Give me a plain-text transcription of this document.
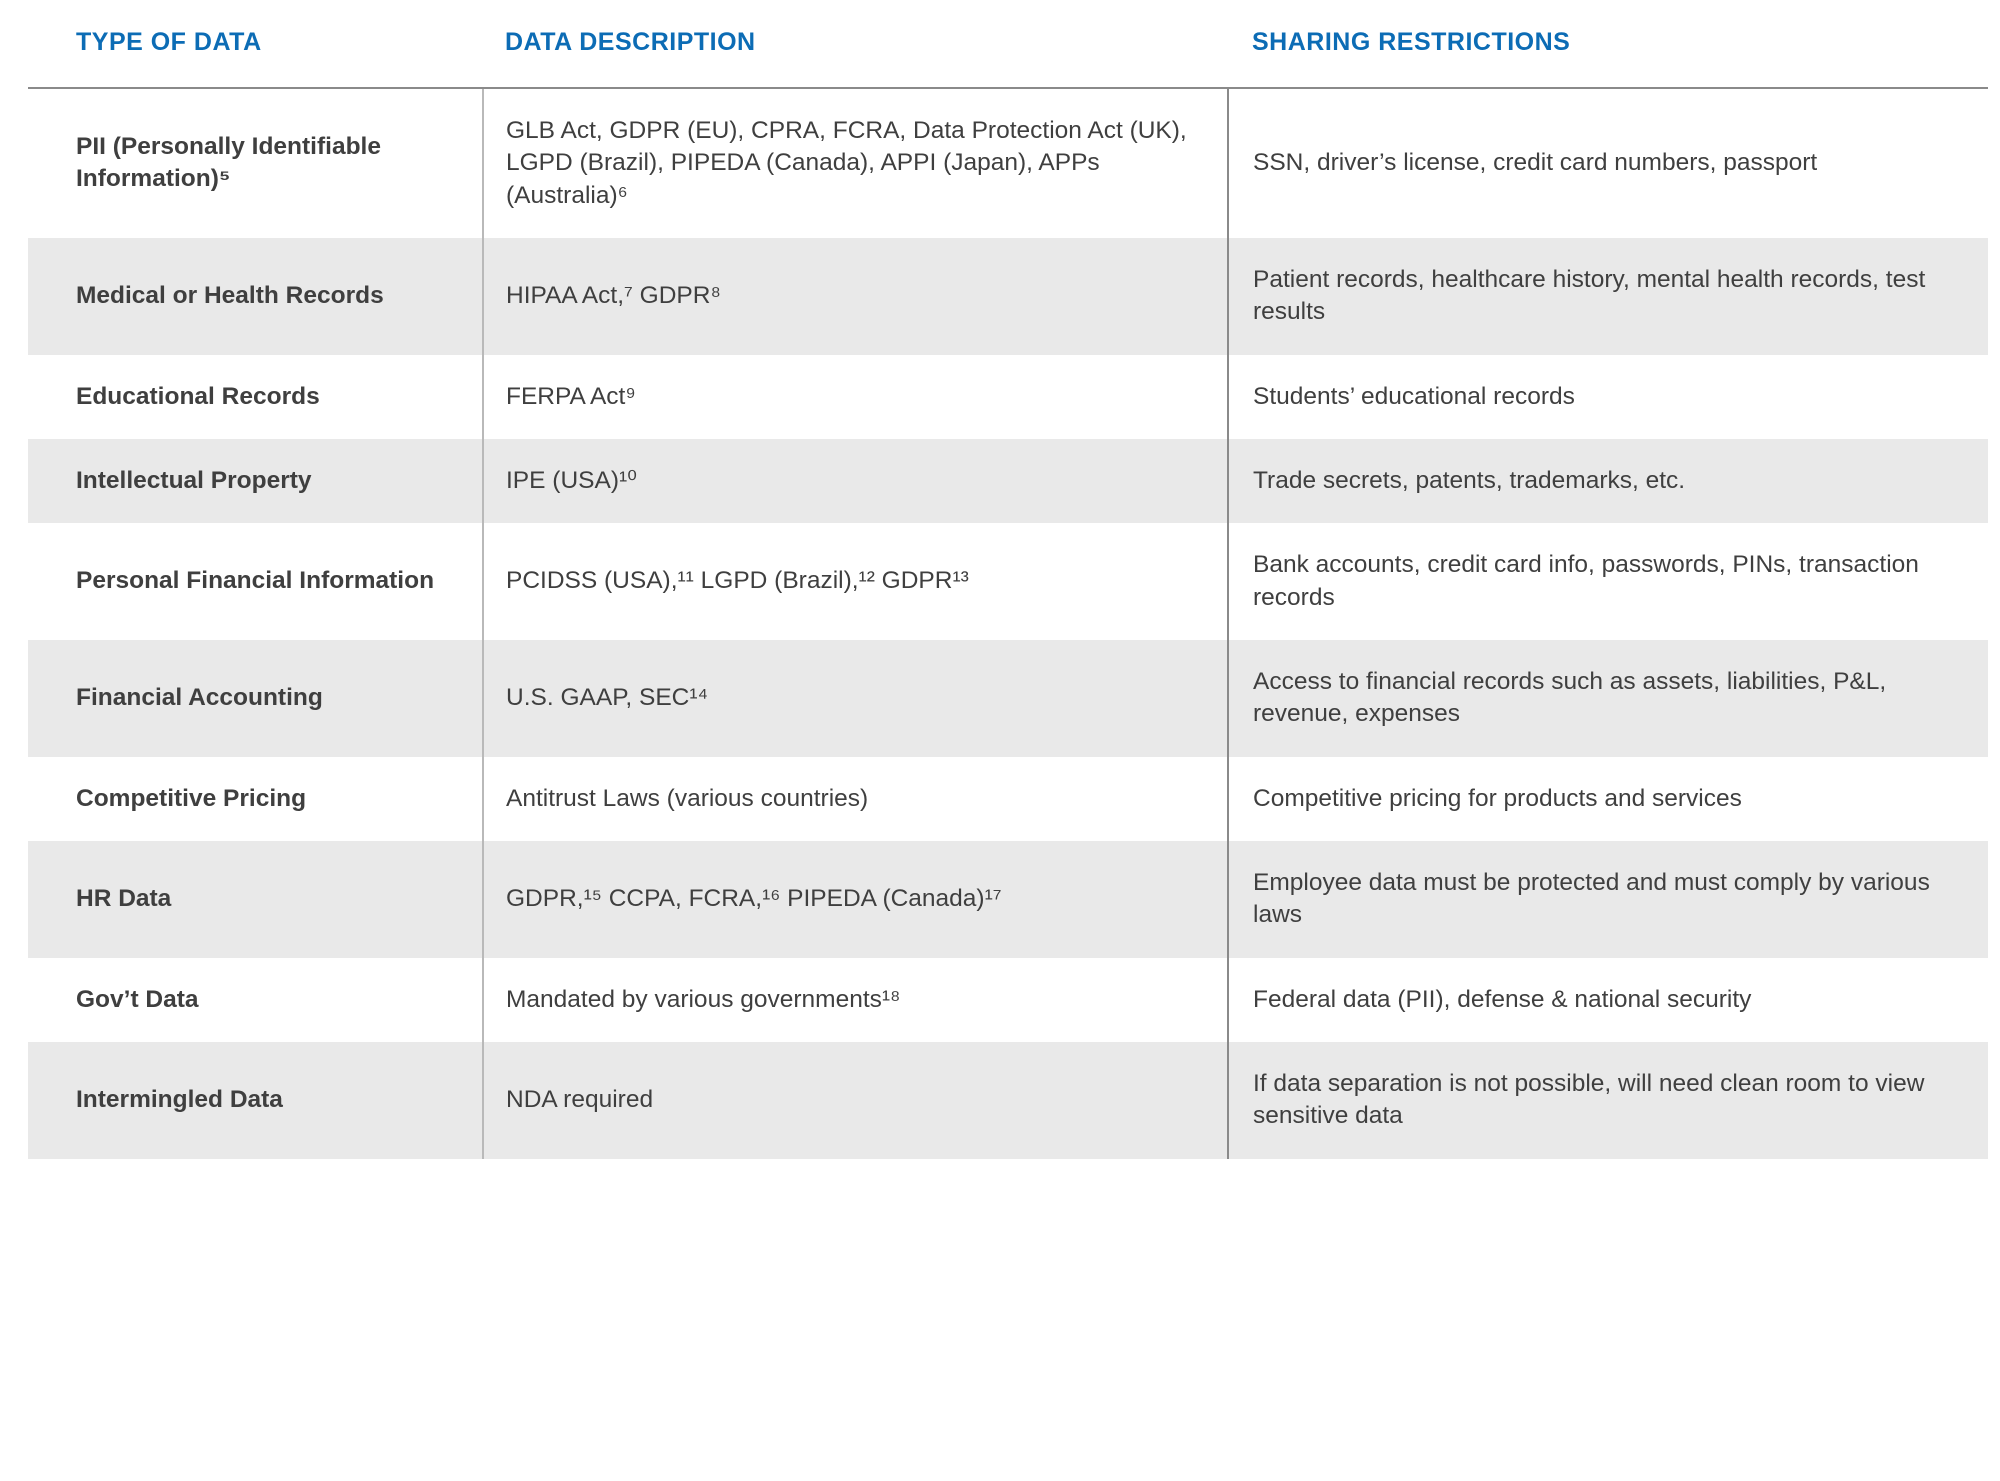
TYPE OF DATA	DATA DESCRIPTION	SHARING RESTRICTIONS
PII (Personally Identifiable Information)⁵	GLB Act, GDPR (EU), CPRA, FCRA, Data Protection Act (UK), LGPD (Brazil), PIPEDA (Canada), APPI (Japan), APPs (Australia)⁶	SSN, driver’s license, credit card numbers, passport
Medical or Health Records	HIPAA Act,⁷ GDPR⁸	Patient records, healthcare history, mental health records, test results
Educational Records	FERPA Act⁹	Students’ educational records
Intellectual Property	IPE (USA)¹⁰	Trade secrets, patents, trademarks, etc.
Personal Financial Information	PCIDSS (USA),¹¹ LGPD (Brazil),¹² GDPR¹³	Bank accounts, credit card info, passwords, PINs, transaction records
Financial Accounting	U.S. GAAP, SEC¹⁴	Access to financial records such as assets, liabilities, P&L, revenue, expenses
Competitive Pricing	Antitrust Laws (various countries)	Competitive pricing for products and services
HR Data	GDPR,¹⁵ CCPA, FCRA,¹⁶ PIPEDA (Canada)¹⁷	Employee data must be protected and must comply by various laws
Gov’t Data	Mandated by various governments¹⁸	Federal data (PII), defense & national security
Intermingled Data	NDA required	If data separation is not possible, will need clean room to view sensitive data
